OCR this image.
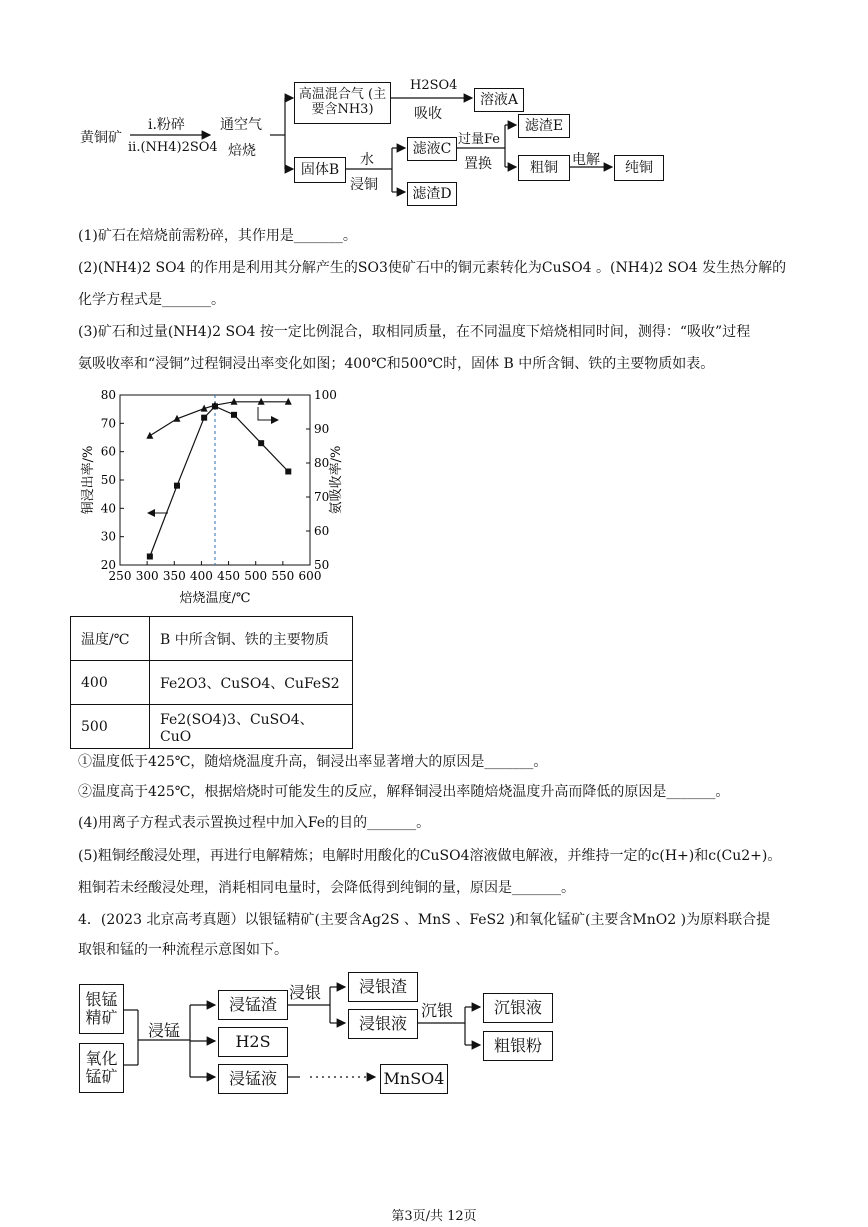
黄铜矿
i.粉碎
ii.(NH4)2SO4
通空气
焙烧
高温混合气 (主要含NH3)
H2SO4
吸收
溶液A
固体B
水
浸铜
滤液C
滤渣D
过量Fe
置换
滤渣E
粗铜	电解	纯铜
(1)矿石在焙烧前需粉碎，其作用是_______。
(2)(NH4)2 SO4 的作用是利用其分解产生的SO3使矿石中的铜元素转化为CuSO4 。(NH4)2 SO4 发生热分解的
化学方程式是_______。
(3)矿石和过量(NH4)2 SO4 按一定比例混合，取相同质量，在不同温度下焙烧相同时间，测得：“吸收”过程
氨吸收率和“浸铜”过程铜浸出率变化如图；400℃和500℃时，固体 B 中所含铜、铁的主要物质如表。
250 300 350 400 450 500 550 600
20
30
40
50
60
70
80
50
60
70
80
90
100
焙烧温度/℃
铜浸出率/%	氨吸收率/%
温度/℃	B 中所含铜、铁的主要物质
400	Fe2O3、CuSO4、CuFeS2
500	Fe2(SO4)3、CuSO4、CuO
①温度低于425℃，随焙烧温度升高，铜浸出率显著增大的原因是_______。
②温度高于425℃，根据焙烧时可能发生的反应，解释铜浸出率随焙烧温度升高而降低的原因是_______。
(4)用离子方程式表示置换过程中加入Fe的目的_______。
(5)粗铜经酸浸处理，再进行电解精炼；电解时用酸化的CuSO4溶液做电解液，并维持一定的c(H+)和c(Cu2+)。
粗铜若未经酸浸处理，消耗相同电量时，会降低得到纯铜的量，原因是_______。
4．(2023 北京高考真题）以银锰精矿(主要含Ag2S 、MnS 、FeS2 )和氧化锰矿(主要含MnO2 )为原料联合提
取银和锰的一种流程示意图如下。
银锰 精矿
氧化 锰矿
浸锰
浸锰渣
H2S
浸锰液
浸银	浸银渣
浸银液
沉银	沉银液
粗银粉
MnSO4
第3页/共 12页
